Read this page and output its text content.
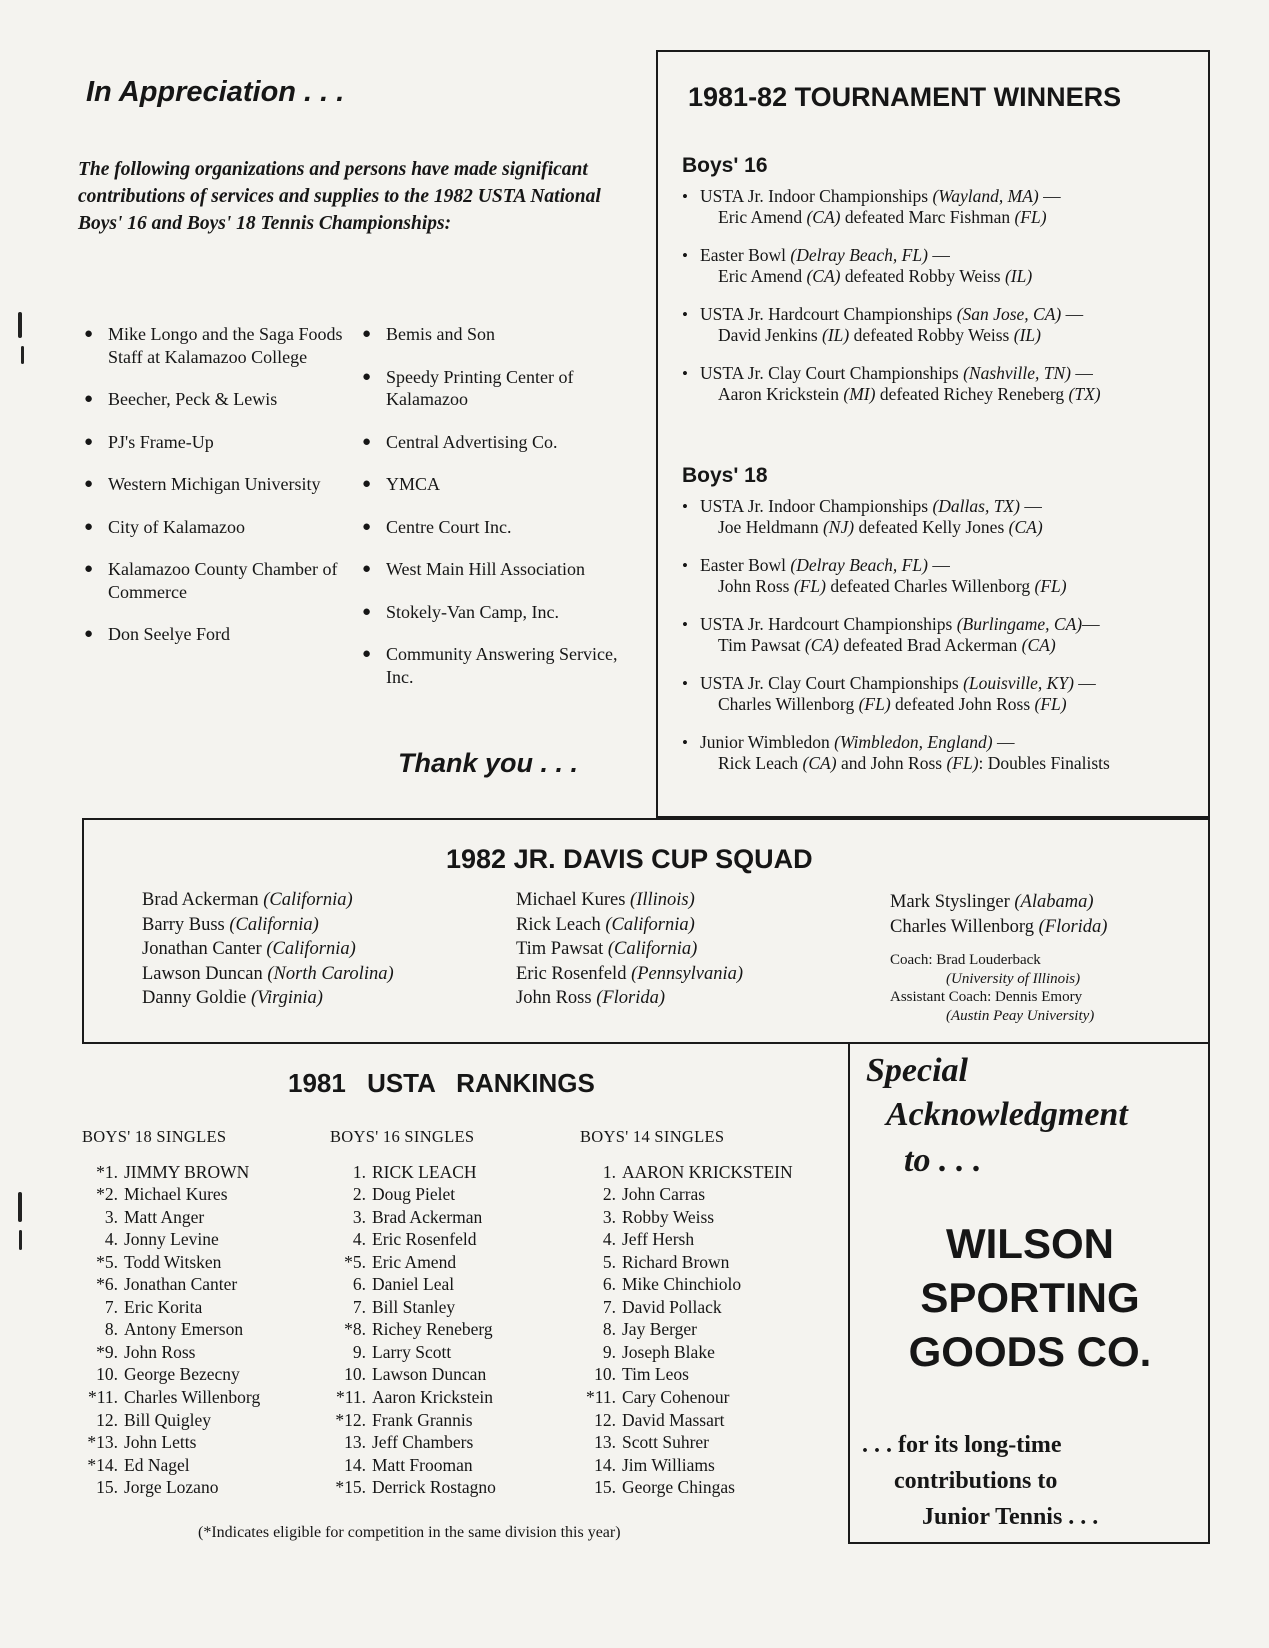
In Appreciation . . .
The following organizations and persons have made significant contributions of services and supplies to the 1982 USTA National Boys' 16 and Boys' 18 Tennis Championships:
● Mike Longo and the Saga Foods Staff at Kalamazoo College
● Beecher, Peck & Lewis
● PJ's Frame-Up
● Western Michigan University
● City of Kalamazoo
● Kalamazoo County Chamber of Commerce
● Don Seelye Ford
● Bemis and Son
● Speedy Printing Center of Kalamazoo
● Central Advertising Co.
● YMCA
● Centre Court Inc.
● West Main Hill Association
● Stokely-Van Camp, Inc.
● Community Answering Service, Inc.
Thank you . . .
1981-82 TOURNAMENT WINNERS
Boys' 16
• USTA Jr. Indoor Championships (Wayland, MA) —
Eric Amend (CA) defeated Marc Fishman (FL)
• Easter Bowl (Delray Beach, FL) —
Eric Amend (CA) defeated Robby Weiss (IL)
• USTA Jr. Hardcourt Championships (San Jose, CA) —
David Jenkins (IL) defeated Robby Weiss (IL)
• USTA Jr. Clay Court Championships (Nashville, TN) —
Aaron Krickstein (MI) defeated Richey Reneberg (TX)
Boys' 18
• USTA Jr. Indoor Championships (Dallas, TX) —
Joe Heldmann (NJ) defeated Kelly Jones (CA)
• Easter Bowl (Delray Beach, FL) —
John Ross (FL) defeated Charles Willenborg (FL)
• USTA Jr. Hardcourt Championships (Burlingame, CA)—
Tim Pawsat (CA) defeated Brad Ackerman (CA)
• USTA Jr. Clay Court Championships (Louisville, KY) —
Charles Willenborg (FL) defeated John Ross (FL)
• Junior Wimbledon (Wimbledon, England) —
Rick Leach (CA) and John Ross (FL): Doubles Finalists
1982 JR. DAVIS CUP SQUAD
Brad Ackerman (California)
Barry Buss (California)
Jonathan Canter (California)
Lawson Duncan (North Carolina)
Danny Goldie (Virginia)
Michael Kures (Illinois)
Rick Leach (California)
Tim Pawsat (California)
Eric Rosenfeld (Pennsylvania)
John Ross (Florida)
Mark Styslinger (Alabama)
Charles Willenborg (Florida)
Coach: Brad Louderback
(University of Illinois)
Assistant Coach: Dennis Emory
(Austin Peay University)
1981 USTA RANKINGS
BOYS' 18 SINGLES
*1. JIMMY BROWN
*2. Michael Kures
3. Matt Anger
4. Jonny Levine
*5. Todd Witsken
*6. Jonathan Canter
7. Eric Korita
8. Antony Emerson
*9. John Ross
10. George Bezecny
*11. Charles Willenborg
12. Bill Quigley
*13. John Letts
*14. Ed Nagel
15. Jorge Lozano
BOYS' 16 SINGLES
1. RICK LEACH
2. Doug Pielet
3. Brad Ackerman
4. Eric Rosenfeld
*5. Eric Amend
6. Daniel Leal
7. Bill Stanley
*8. Richey Reneberg
9. Larry Scott
10. Lawson Duncan
*11. Aaron Krickstein
*12. Frank Grannis
13. Jeff Chambers
14. Matt Frooman
*15. Derrick Rostagno
BOYS' 14 SINGLES
1. AARON KRICKSTEIN
2. John Carras
3. Robby Weiss
4. Jeff Hersh
5. Richard Brown
6. Mike Chinchiolo
7. David Pollack
8. Jay Berger
9. Joseph Blake
10. Tim Leos
*11. Cary Cohenour
12. David Massart
13. Scott Suhrer
14. Jim Williams
15. George Chingas
(*Indicates eligible for competition in the same division this year)
Special
Acknowledgment
to . . .
WILSON
SPORTING
GOODS CO.
. . . for its long-time
contributions to
Junior Tennis . . .
